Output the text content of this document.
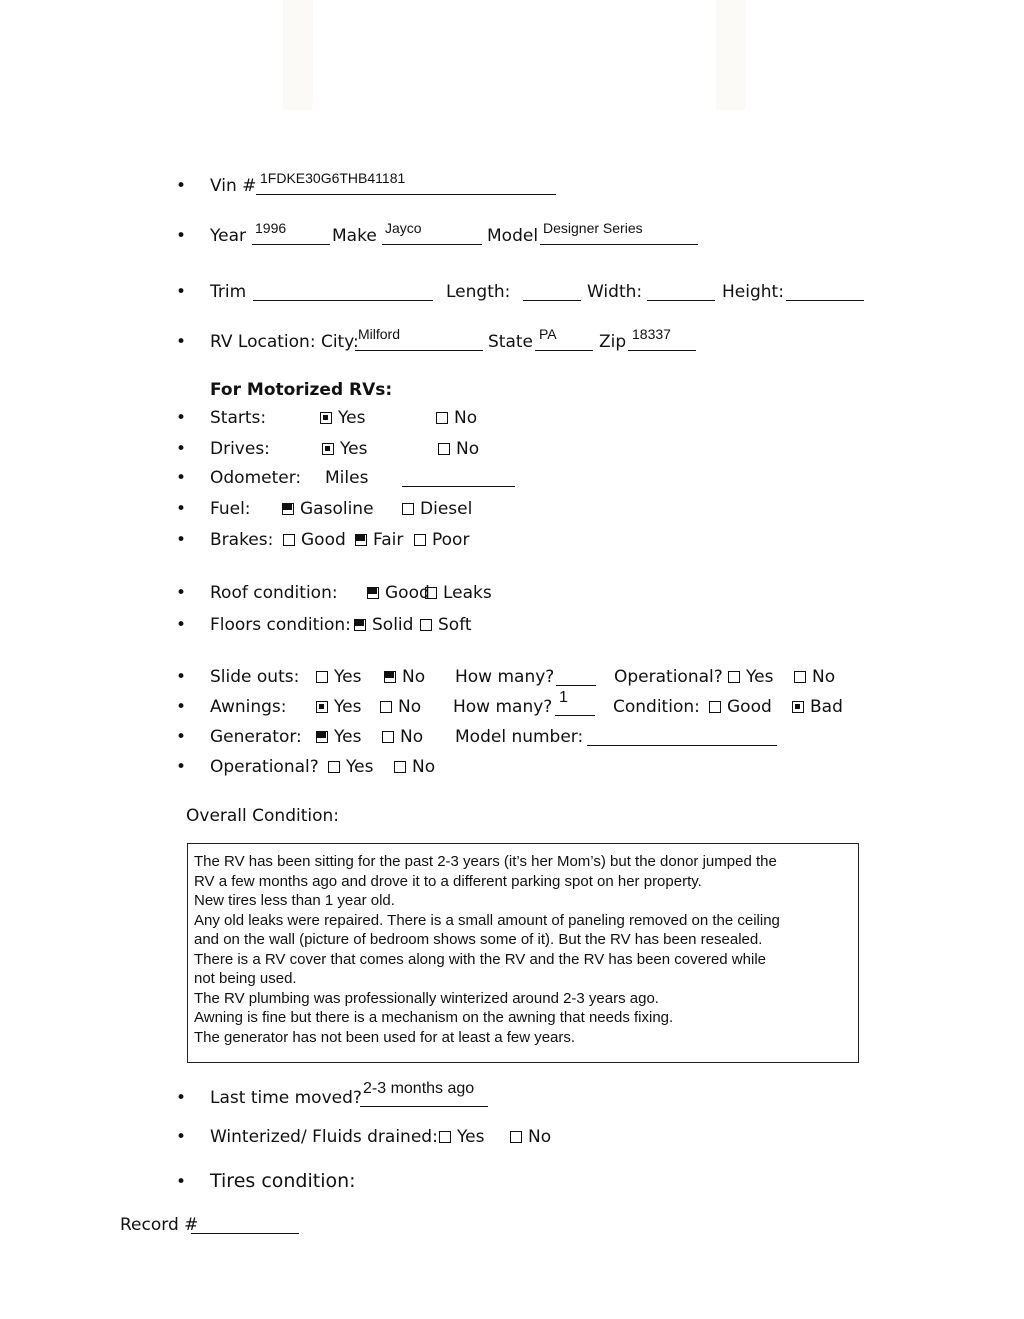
•
Vin # 1FDKE30G6THB41181
•
Year 1996	Make Jayco	Model Designer Series
•
Trim	Length:	Width:	Height:
•
RV Location: City: Milford	State PA Zip 18337
For Motorized RVs:
•
Starts:	Yes	No
•
Drives:	Yes	No
•
Odometer: Miles
•
Fuel:	Gasoline	Diesel
•
Brakes:	Good	Fair	Poor
•
Roof condition:	Good Leaks
•
Floors condition:	Solid	Soft
•
Slide outs:	Yes	No How many?	Operational?	Yes	No
•
Awnings:	Yes	No How many? 1	Condition:	Good	Bad
•
Generator:	Yes	No Model number:
•
Operational?	Yes	No
Overall Condition:
The RV has been sitting for the past 2-3 years (it’s her Mom’s) but the donor jumped the
RV a few months ago and drove it to a different parking spot on her property.
New tires less than 1 year old.
Any old leaks were repaired. There is a small amount of paneling removed on the ceiling
and on the wall (picture of bedroom shows some of it). But the RV has been resealed.
There is a RV cover that comes along with the RV and the RV has been covered while
not being used.
The RV plumbing was professionally winterized around 2-3 years ago.
Awning is fine but there is a mechanism on the awning that needs fixing.
The generator has not been used for at least a few years.
•
Last time moved? 2-3 months ago
•
Winterized/ Fluids drained:	Yes	No
•
Tires condition:
Record #
